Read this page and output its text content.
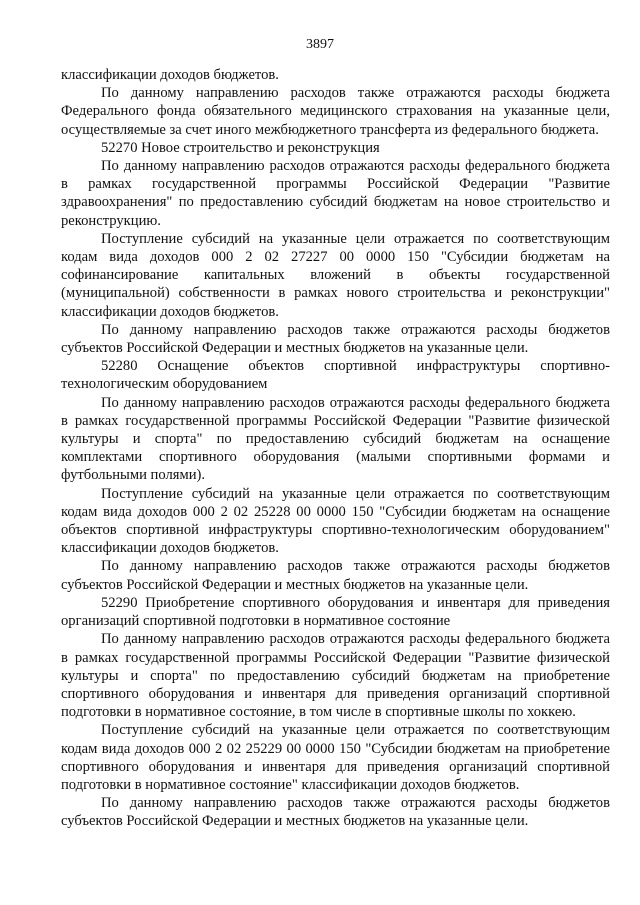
3897

классификации доходов бюджетов.

По данному направлению расходов также отражаются расходы бюджета Федерального фонда обязательного медицинского страхования на указанные цели, осуществляемые за счет иного межбюджетного трансферта из федерального бюджета.

52270 Новое строительство и реконструкция

По данному направлению расходов отражаются расходы федерального бюджета в рамках государственной программы Российской Федерации "Развитие здравоохранения" по предоставлению субсидий бюджетам на новое строительство и реконструкцию.

Поступление субсидий на указанные цели отражается по соответствующим кодам вида доходов 000 2 02 27227 00 0000 150 "Субсидии бюджетам на софинансирование капитальных вложений в объекты государственной (муниципальной) собственности в рамках нового строительства и реконструкции" классификации доходов бюджетов.

По данному направлению расходов также отражаются расходы бюджетов субъектов Российской Федерации и местных бюджетов на указанные цели.

52280 Оснащение объектов спортивной инфраструктуры спортивно-технологическим оборудованием

По данному направлению расходов отражаются расходы федерального бюджета в рамках государственной программы Российской Федерации "Развитие физической культуры и спорта" по предоставлению субсидий бюджетам на оснащение комплектами спортивного оборудования (малыми спортивными формами и футбольными полями).

Поступление субсидий на указанные цели отражается по соответствующим кодам вида доходов 000 2 02 25228 00 0000 150 "Субсидии бюджетам на оснащение объектов спортивной инфраструктуры спортивно-технологическим оборудованием" классификации доходов бюджетов.

По данному направлению расходов также отражаются расходы бюджетов субъектов Российской Федерации и местных бюджетов на указанные цели.

52290 Приобретение спортивного оборудования и инвентаря для приведения организаций спортивной подготовки в нормативное состояние

По данному направлению расходов отражаются расходы федерального бюджета в рамках государственной программы Российской Федерации "Развитие физической культуры и спорта" по предоставлению субсидий бюджетам на приобретение спортивного оборудования и инвентаря для приведения организаций спортивной подготовки в нормативное состояние, в том числе в спортивные школы по хоккею.

Поступление субсидий на указанные цели отражается по соответствующим кодам вида доходов 000 2 02 25229 00 0000 150 "Субсидии бюджетам на приобретение спортивного оборудования и инвентаря для приведения организаций спортивной подготовки в нормативное состояние" классификации доходов бюджетов.

По данному направлению расходов также отражаются расходы бюджетов субъектов Российской Федерации и местных бюджетов на указанные цели.
